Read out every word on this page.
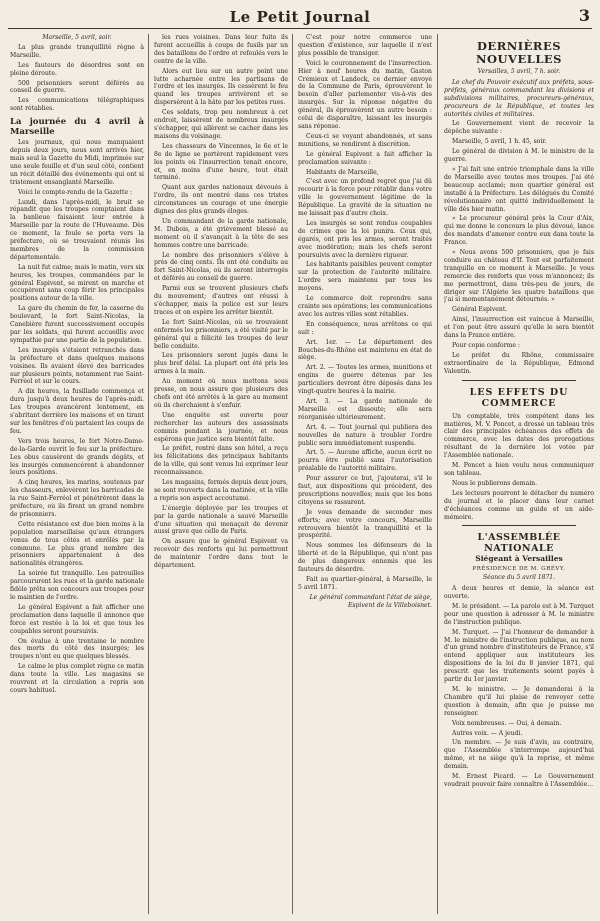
Le Petit Journal	3

Marseille, 5 avril, soir.

La plus grande tranquillité règne à Marseille.

Les fauteurs de désordres sont en pleine déroute.

500 prisonniers seront déférés au conseil de guerre.

Les communications télégraphiques sont rétablies.

La journée du 4 avril à Marseille

Les journaux, qui nous manquaient depuis deux jours, nous sont arrivés hier, mais seul la Gazette du Midi, imprimée sur une seule feuille et d'un seul côté, contient un récit détaillé des événements qui ont si tristement ensanglanté Marseille.

Voici le compte-rendu de la Gazette :

Lundi, dans l'après-midi, le bruit se répandit que les troupes comptaient dans la banlieue faisaient leur entrée à Marseille par la route de l'Huveaune. Dès ce moment, la foule se porta vers la préfecture, où se trouvaient réunis les membres de la commission départementale.

La nuit fut calme; mais le matin, vers six heures, les troupes, commandées par le général Espivent, se mirent en marche et occupèrent sans coup férir les principales positions autour de la ville.

La gare du chemin de fer, la caserne du boulevard, le fort Saint-Nicolas, la Canebière furent successivement occupés par les soldats, qui furent accueillis avec sympathie par une partie de la population.

Les insurgés s'étaient retranchés dans la préfecture et dans quelques maisons voisines. Ils avaient élevé des barricades sur plusieurs points, notamment rue Saint-Ferréol et sur le cours.

A dix heures, la fusillade commença et dura jusqu'à deux heures de l'après-midi. Les troupes avancèrent lentement, en s'abritant derrière les maisons et en tirant sur les fenêtres d'où partaient les coups de feu.

Vers trois heures, le fort Notre-Dame-de-la-Garde ouvrit le feu sur la préfecture. Les obus causèrent de grands dégâts, et les insurgés commencèrent à abandonner leurs positions.

A cinq heures, les marins, soutenus par les chasseurs, enlevèrent les barricades de la rue Saint-Ferréol et pénétrèrent dans la préfecture, où ils firent un grand nombre de prisonniers.

Cette résistance est due bien moins à la population marseillaise qu'aux étrangers venus de tous côtés et enrôlés par la commune. Le plus grand nombre des prisonniers appartenaient à des nationalités étrangères.

La soirée fut tranquille. Les patrouilles parcoururent les rues et la garde nationale fidèle prêta son concours aux troupes pour le maintien de l'ordre.

Le général Espivent a fait afficher une proclamation dans laquelle il annonce que force est restée à la loi et que tous les coupables seront poursuivis.

On évalue à une trentaine le nombre des morts du côté des insurgés; les troupes n'ont eu que quelques blessés.

Le calme le plus complet règne ce matin dans toute la ville. Les magasins se rouvrent et la circulation a repris son cours habituel.

les rues voisines. Dans leur fuite ils furent accueillis à coups de fusils par un des bataillons de l'ordre et refoulés vers le centre de la ville.

Alors eut lieu sur un autre point une lutte acharnée entre les partisans de l'ordre et les insurgés. Ils cessèrent le feu quand les troupes arrivèrent et se dispersèrent à la hâte par les petites rues.

Ces soldats, trop peu nombreux à cet endroit, laissèrent de nombreux insurgés s'échapper, qui allèrent se cacher dans les maisons du voisinage.

Les chasseurs de Vincennes, le 6e et le 8e de ligne se portèrent rapidement vers les points où l'insurrection tenait encore, et, en moins d'une heure, tout était terminé.

Quant aux gardes nationaux dévoués à l'ordre, ils ont montré dans ces tristes circonstances un courage et une énergie dignes des plus grands éloges.

Un commandant de la garde nationale, M. Dubois, a été grièvement blessé au moment où il s'avançait à la tête de ses hommes contre une barricade.

Le nombre des prisonniers s'élève à près de cinq cents. Ils ont été conduits au fort Saint-Nicolas, où ils seront interrogés et déférés au conseil de guerre.

Parmi eux se trouvent plusieurs chefs du mouvement; d'autres ont réussi à s'échapper, mais la police est sur leurs traces et on espère les arrêter bientôt.

Le fort Saint-Nicolas, où se trouvaient enfermés les prisonniers, a été visité par le général qui a félicité les troupes de leur belle conduite.

Les prisonniers seront jugés dans le plus bref délai. La plupart ont été pris les armes à la main.

Au moment où nous mettons sous presse, on nous assure que plusieurs des chefs ont été arrêtés à la gare au moment où ils cherchaient à s'enfuir.

Une enquête est ouverte pour rechercher les auteurs des assassinats commis pendant la journée, et nous espérons que justice sera bientôt faite.

Le préfet, rentré dans son hôtel, a reçu les félicitations des principaux habitants de la ville, qui sont venus lui exprimer leur reconnaissance.

Les magasins, fermés depuis deux jours, se sont rouverts dans la matinée, et la ville a repris son aspect accoutumé.

L'énergie déployée par les troupes et par la garde nationale a sauvé Marseille d'une situation qui menaçait de devenir aussi grave que celle de Paris.

On assure que le général Espivent va recevoir des renforts qui lui permettront de maintenir l'ordre dans tout le département.

C'est pour notre commerce une question d'existence, sur laquelle il n'est plus possible de transiger.

Voici le couronnement de l'insurrection. Hier à neuf heures du matin, Gaston Crémieux et Landeck, ce dernier envoyé de la Commune de Paris, éprouvèrent le besoin d'aller parlementer vis-à-vis des insurgés. Sur la réponse négative du général, ils éprouvèrent un autre besoin : celui de disparaître, laissant les insurgés sans réponse.

Ceux-ci se voyant abandonnés, et sans munitions, se rendirent à discrétion.

Le général Espivent a fait afficher la proclamation suivante :

Habitants de Marseille,

C'est avec un profond regret que j'ai dû recourir à la force pour rétablir dans votre ville le gouvernement légitime de la République. La gravité de la situation ne me laissait pas d'autre choix.

Les insurgés se sont rendus coupables de crimes que la loi punira. Ceux qui, égarés, ont pris les armes, seront traités avec modération; mais les chefs seront poursuivis avec la dernière rigueur.

Les habitants paisibles peuvent compter sur la protection de l'autorité militaire. L'ordre sera maintenu par tous les moyens.

Le commerce doit reprendre sans crainte ses opérations; les communications avec les autres villes sont rétablies.

En conséquence, nous arrêtons ce qui suit :

Art. 1er. — Le département des Bouches-du-Rhône est maintenu en état de siège.

Art. 2. — Toutes les armes, munitions et engins de guerre détenus par les particuliers devront être déposés dans les vingt-quatre heures à la mairie.

Art. 3. — La garde nationale de Marseille est dissoute; elle sera réorganisée ultérieurement.

Art. 4. — Tout journal qui publiera des nouvelles de nature à troubler l'ordre public sera immédiatement suspendu.

Art. 5. — Aucune affiche, aucun écrit ne pourra être publié sans l'autorisation préalable de l'autorité militaire.

Pour assurer ce but, j'ajouterai, s'il le faut, aux dispositions qui précèdent, des prescriptions nouvelles; mais que les bons citoyens se rassurent.

Je vous demande de seconder mes efforts; avec votre concours, Marseille retrouvera bientôt la tranquillité et la prospérité.

Nous sommes les défenseurs de la liberté et de la République, qui n'ont pas de plus dangereux ennemis que les fauteurs de désordre.

Fait au quartier-général, à Marseille, le 5 avril 1871.

Le général commandant l'état de siège, Espivent de la Villeboisnet.

DERNIÈRES NOUVELLES
Versailles, 5 avril, 7 h. soir.

Le chef du Pouvoir exécutif aux préfets, sous-préfets, généraux commandant les divisions et subdivisions militaires, procureurs-généraux, procureurs de la République, et toutes les autorités civiles et militaires.

Le Gouvernement vient de recevoir la dépêche suivante :

Marseille, 5 avril, 1 h. 45, soir.

Le général de division à M. le ministre de la guerre.

« J'ai fait une entrée triomphale dans la ville de Marseille avec toutes mes troupes. J'ai été beaucoup acclamé; mon quartier général est installé à la Préfecture. Les délégués du Comité révolutionnaire ont quitté individuellement la ville dès hier matin.

« Le procureur général près la Cour d'Aix, qui me donne le concours le plus dévoué, lance des mandats d'amener contre eux dans toute la France.

« Nous avons 500 prisonniers, que je fais conduire au château d'If. Tout est parfaitement tranquille en ce moment à Marseille. Je vous remercie des renforts que vous m'annoncez; ils me permettront, dans très-peu de jours, de diriger sur l'Algérie les quatre bataillons que j'ai si momentanément détournés. »

Général Espivent.

Ainsi, l'insurrection est vaincue à Marseille, et l'on peut être assuré qu'elle le sera bientôt dans la France entière.

Pour copie conforme :

Le préfet du Rhône, commissaire extraordinaire de la République, Edmond Valentin.

LES EFFETS DU COMMERCE

Un comptable, très compétent dans les matières, M. V. Poncet, a dressé un tableau très clair des principales échéances des effets de commerce, avec les dates des prorogations résultant de la dernière loi votée par l'Assemblée nationale.

M. Poncet a bien voulu nous communiquer son tableau.

Nous le publierons demain.

Les lecteurs pourront le détacher du numéro du journal et le placer dans leur carnet d'échéances comme un guide et un aide-mémoire.

L'ASSEMBLÉE NATIONALE
Siégeant à Versailles
PRÉSIDENCE DE M. GRÉVY.
Séance du 5 avril 1871.

A deux heures et demie, la séance est ouverte.

M. le président. — La parole est à M. Turquet pour une question à adresser à M. le ministre de l'instruction publique.

M. Turquet. — J'ai l'honneur de demander à M. le ministre de l'instruction publique, au nom d'un grand nombre d'instituteurs de France, s'il entend appliquer aux instituteurs les dispositions de la loi du 8 janvier 1871, qui prescrit que les traitements soient payés à partir du 1er janvier.

M. le ministre. — Je demanderai à la Chambre qu'il lui plaise de renvoyer cette question à demain, afin que je puisse me renseigner.

Voix nombreuses. — Oui, à demain.

Autres voix. — A jeudi.

Un membre. — Je suis d'avis, au contraire, que l'Assemblée s'interrompe aujourd'hui même, et ne siège qu'à la reprise, et même demain.

M. Ernest Picard. — Le Gouvernement voudrait pouvoir faire connaître à l'Assemblée...
